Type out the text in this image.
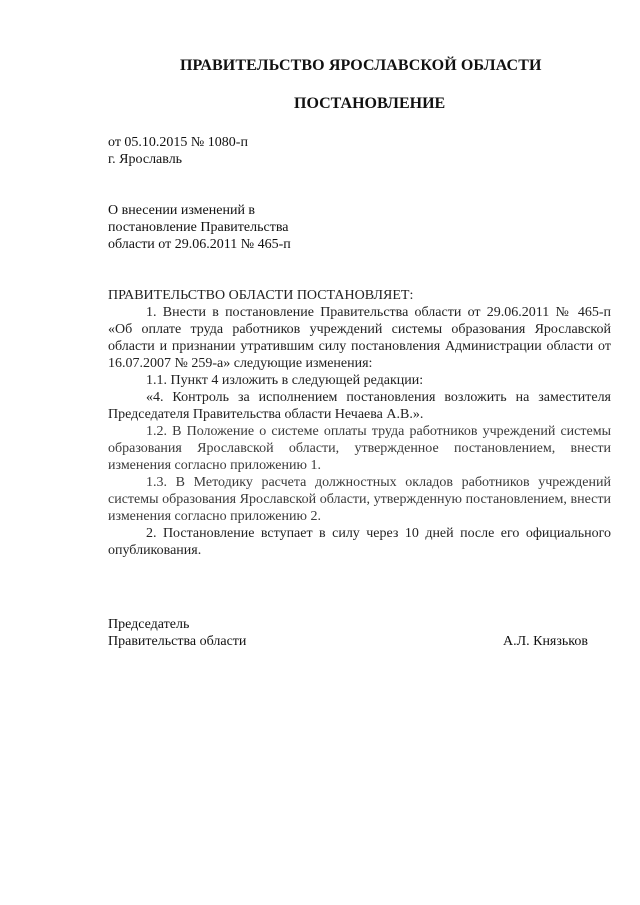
ПРАВИТЕЛЬСТВО ЯРОСЛАВСКОЙ ОБЛАСТИ
ПОСТАНОВЛЕНИЕ
от 05.10.2015 № 1080-п
г. Ярославль
О внесении изменений в
постановление Правительства
области от 29.06.2011 № 465-п

ПРАВИТЕЛЬСТВО ОБЛАСТИ ПОСТАНОВЛЯЕТ:

1. Внести в постановление Правительства области от 29.06.2011 № 465-п «Об оплате труда работников учреждений системы образования Ярославской области и признании утратившим силу постановления Администрации области от 16.07.2007 № 259-а» следующие изменения:

1.1. Пункт 4 изложить в следующей редакции:

«4. Контроль за исполнением постановления возложить на заместителя Председателя Правительства области Нечаева А.В.».

1.2. В Положение о системе оплаты труда работников учреждений системы образования Ярославской области, утвержденное постановлением, внести изменения согласно приложению 1.

1.3. В Методику расчета должностных окладов работников учреждений системы образования Ярославской области, утвержденную постановлением, внести изменения согласно приложению 2.

2. Постановление вступает в силу через 10 дней после его официального опубликования.

Председатель
Правительства области	А.Л. Князьков
